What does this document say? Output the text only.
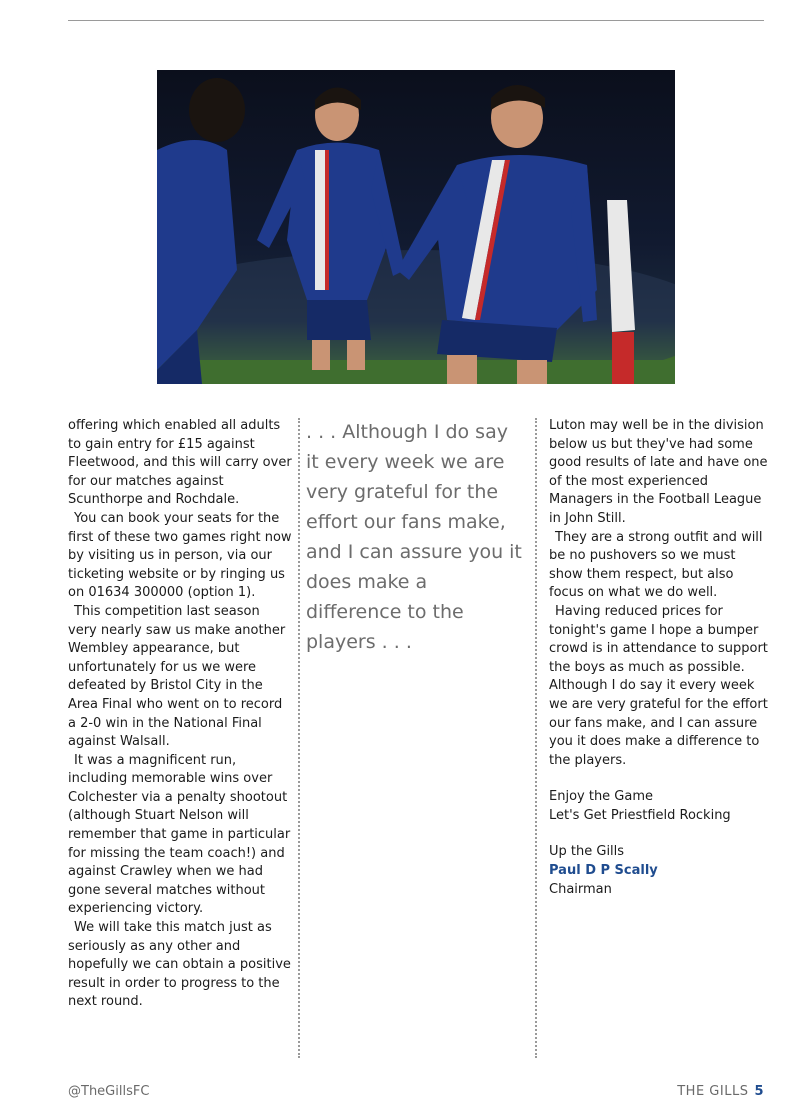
offering which enabled all adults to gain entry for £15 against Fleetwood, and this will carry over for our matches against Scunthorpe and Rochdale.

You can book your seats for the first of these two games right now by visiting us in person, via our ticketing website or by ringing us on 01634 300000 (option 1).

This competition last season very nearly saw us make another Wembley appearance, but unfortunately for us we were defeated by Bristol City in the Area Final who went on to record a 2-0 win in the National Final against Walsall.

It was a magnificent run, including memorable wins over Colchester via a penalty shootout (although Stuart Nelson will remember that game in particular for missing the team coach!) and against Crawley when we had gone several matches without experiencing victory.

We will take this match just as seriously as any other and hopefully we can obtain a positive result in order to progress to the next round.

. . . Although I do say it every week we are very grateful for the effort our fans make, and I can assure you it does make a difference to the players . . .

Luton may well be in the division below us but they've had some good results of late and have one of the most experienced Managers in the Football League in John Still.

They are a strong outfit and will be no pushovers so we must show them respect, but also focus on what we do well.

Having reduced prices for tonight's game I hope a bumper crowd is in attendance to support the boys as much as possible. Although I do say it every week we are very grateful for the effort our fans make, and I can assure you it does make a difference to the players.

Enjoy the Game

Let's Get Priestfield Rocking

Up the Gills

Paul D P Scally

Chairman

@TheGillsFC	THE GILLS 5
